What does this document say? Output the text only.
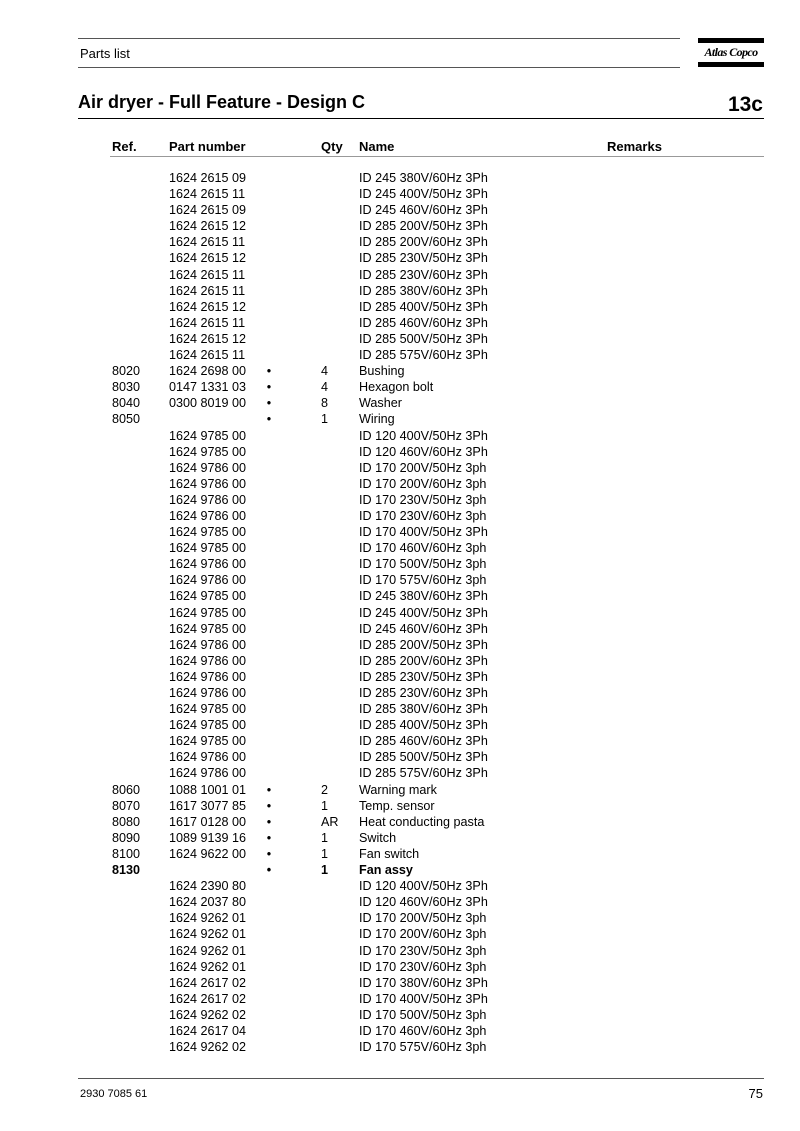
Parts list	Atlas Copco
Air dryer - Full Feature - Design C	13c
Ref. Part number	Qty Name	Remarks
1624 2615 09	ID 245 380V/60Hz 3Ph
1624 2615 11	ID 245 400V/50Hz 3Ph
1624 2615 09	ID 245 460V/60Hz 3Ph
1624 2615 12	ID 285 200V/50Hz 3Ph
1624 2615 11	ID 285 200V/60Hz 3Ph
1624 2615 12	ID 285 230V/50Hz 3Ph
1624 2615 11	ID 285 230V/60Hz 3Ph
1624 2615 11	ID 285 380V/60Hz 3Ph
1624 2615 12	ID 285 400V/50Hz 3Ph
1624 2615 11	ID 285 460V/60Hz 3Ph
1624 2615 12	ID 285 500V/50Hz 3Ph
1624 2615 11	ID 285 575V/60Hz 3Ph
8020 1624 2698 00 •	4 Bushing
8030 0147 1331 03 •	4 Hexagon bolt
8040 0300 8019 00 •	8 Washer
8050	•	1 Wiring
1624 9785 00	ID 120 400V/50Hz 3Ph
1624 9785 00	ID 120 460V/60Hz 3Ph
1624 9786 00	ID 170 200V/50Hz 3ph
1624 9786 00	ID 170 200V/60Hz 3ph
1624 9786 00	ID 170 230V/50Hz 3ph
1624 9786 00	ID 170 230V/60Hz 3ph
1624 9785 00	ID 170 400V/50Hz 3Ph
1624 9785 00	ID 170 460V/60Hz 3ph
1624 9786 00	ID 170 500V/50Hz 3ph
1624 9786 00	ID 170 575V/60Hz 3ph
1624 9785 00	ID 245 380V/60Hz 3Ph
1624 9785 00	ID 245 400V/50Hz 3Ph
1624 9785 00	ID 245 460V/60Hz 3Ph
1624 9786 00	ID 285 200V/50Hz 3Ph
1624 9786 00	ID 285 200V/60Hz 3Ph
1624 9786 00	ID 285 230V/50Hz 3Ph
1624 9786 00	ID 285 230V/60Hz 3Ph
1624 9785 00	ID 285 380V/60Hz 3Ph
1624 9785 00	ID 285 400V/50Hz 3Ph
1624 9785 00	ID 285 460V/60Hz 3Ph
1624 9786 00	ID 285 500V/50Hz 3Ph
1624 9786 00	ID 285 575V/60Hz 3Ph
8060 1088 1001 01 •	2 Warning mark
8070 1617 3077 85 •	1 Temp. sensor
8080 1617 0128 00 •	AR Heat conducting pasta
8090 1089 9139 16 •	1 Switch
8100 1624 9622 00 •	1 Fan switch
8130	•	1 Fan assy
1624 2390 80	ID 120 400V/50Hz 3Ph
1624 2037 80	ID 120 460V/60Hz 3Ph
1624 9262 01	ID 170 200V/50Hz 3ph
1624 9262 01	ID 170 200V/60Hz 3ph
1624 9262 01	ID 170 230V/50Hz 3ph
1624 9262 01	ID 170 230V/60Hz 3ph
1624 2617 02	ID 170 380V/60Hz 3Ph
1624 2617 02	ID 170 400V/50Hz 3Ph
1624 9262 02	ID 170 500V/50Hz 3ph
1624 2617 04	ID 170 460V/60Hz 3ph
1624 9262 02	ID 170 575V/60Hz 3ph
2930 7085 61	75
